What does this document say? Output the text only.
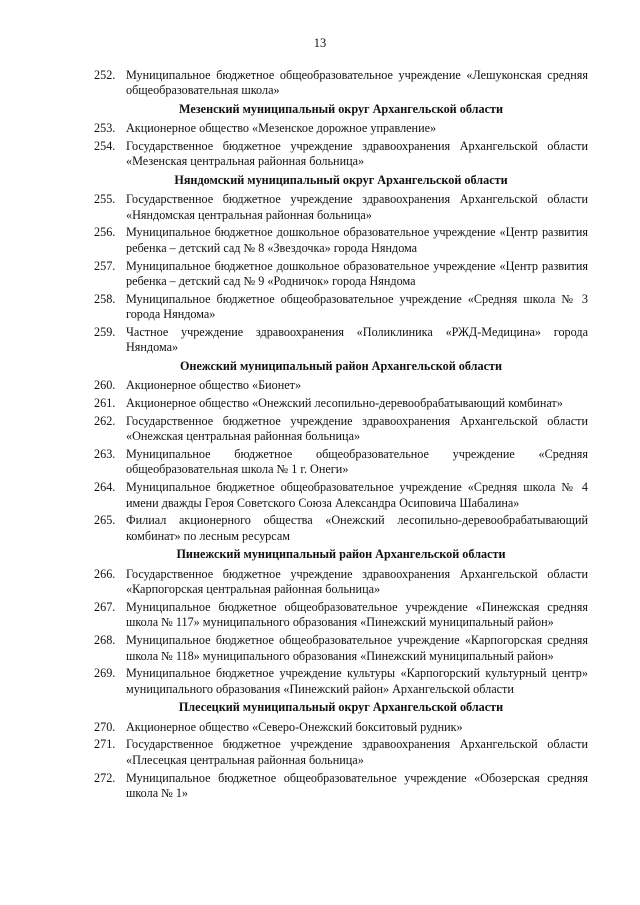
13
252. Муниципальное бюджетное общеобразовательное учреждение «Лешуконская средняя общеобразовательная школа»
Мезенский муниципальный округ Архангельской области
253. Акционерное общество «Мезенское дорожное управление»
254. Государственное бюджетное учреждение здравоохранения Архангельской области «Мезенская центральная районная больница»
Няндомский муниципальный округ Архангельской области
255. Государственное бюджетное учреждение здравоохранения Архангельской области «Няндомская центральная районная больница»
256. Муниципальное бюджетное дошкольное образовательное учреждение «Центр развития ребенка – детский сад № 8 «Звездочка» города Няндома
257. Муниципальное бюджетное дошкольное образовательное учреждение «Центр развития ребенка – детский сад № 9 «Родничок» города Няндома
258. Муниципальное бюджетное общеобразовательное учреждение «Средняя школа № 3 города Няндома»
259. Частное учреждение здравоохранения «Поликлиника «РЖД-Медицина» города Няндома»
Онежский муниципальный район Архангельской области
260. Акционерное общество «Бионет»
261. Акционерное общество «Онежский лесопильно-деревообрабатывающий комбинат»
262. Государственное бюджетное учреждение здравоохранения Архангельской области «Онежская центральная районная больница»
263. Муниципальное бюджетное общеобразовательное учреждение «Средняя общеобразовательная школа № 1 г. Онеги»
264. Муниципальное бюджетное общеобразовательное учреждение «Средняя школа № 4 имени дважды Героя Советского Союза Александра Осиповича Шабалина»
265. Филиал акционерного общества «Онежский лесопильно-деревообрабатывающий комбинат» по лесным ресурсам
Пинежский муниципальный район Архангельской области
266. Государственное бюджетное учреждение здравоохранения Архангельской области «Карпогорская центральная районная больница»
267. Муниципальное бюджетное общеобразовательное учреждение «Пинежская средняя школа № 117» муниципального образования «Пинежский муниципальный район»
268. Муниципальное бюджетное общеобразовательное учреждение «Карпогорская средняя школа № 118» муниципального образования «Пинежский муниципальный район»
269. Муниципальное бюджетное учреждение культуры «Карпогорский культурный центр» муниципального образования «Пинежский район» Архангельской области
Плесецкий муниципальный округ Архангельской области
270. Акционерное общество «Северо-Онежский бокситовый рудник»
271. Государственное бюджетное учреждение здравоохранения Архангельской области «Плесецкая центральная районная больница»
272. Муниципальное бюджетное общеобразовательное учреждение «Обозерская средняя школа № 1»
